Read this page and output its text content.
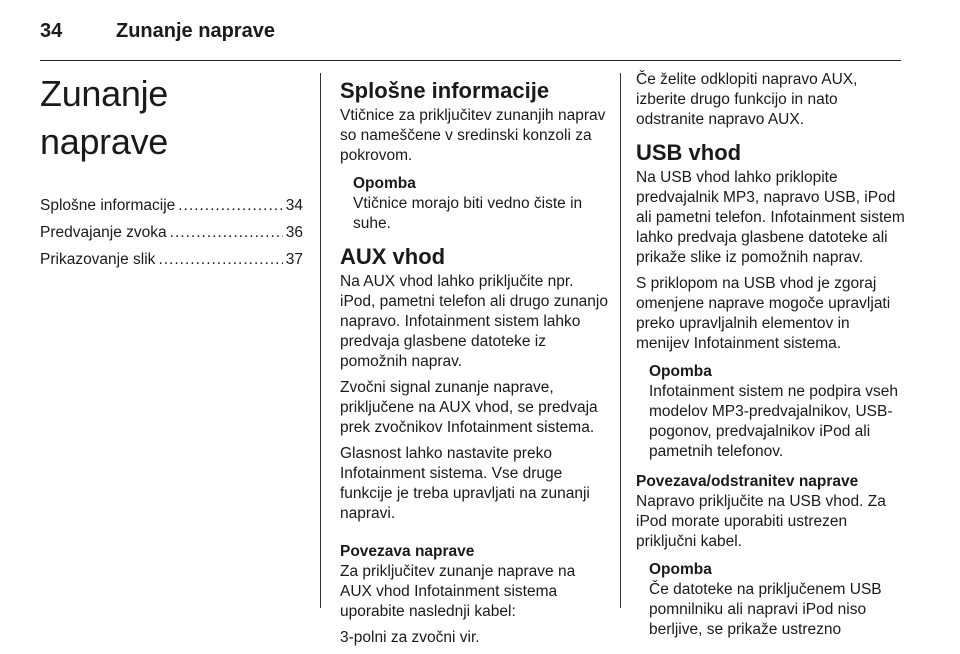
34	Zunanje naprave
Zunanje naprave
Splošne informacije .....	34
Predvajanje zvoka .....	36
Prikazovanje slik .....	37
Splošne informacije

Vtičnice za priključitev zunanjih naprav so nameščene v sredinski konzoli za pokrovom.

Opomba
Vtičnice morajo biti vedno čiste in suhe.
AUX vhod

Na AUX vhod lahko priključite npr. iPod, pametni telefon ali drugo zunanjo napravo. Infotainment sistem lahko predvaja glasbene datoteke iz pomožnih naprav.

Zvočni signal zunanje naprave, priključene na AUX vhod, se predvaja prek zvočnikov Infotainment sistema.

Glasnost lahko nastavite preko Infotainment sistema. Vse druge funkcije je treba upravljati na zunanji napravi.

Povezava naprave

Za priključitev zunanje naprave na AUX vhod Infotainment sistema uporabite naslednji kabel:

3-polni za zvočni vir.

Če želite odklopiti napravo AUX, izberite drugo funkcijo in nato odstranite napravo AUX.

USB vhod

Na USB vhod lahko priklopite predvajalnik MP3, napravo USB, iPod ali pametni telefon. Infotainment sistem lahko predvaja glasbene datoteke ali prikaže slike iz pomožnih naprav.

S priklopom na USB vhod je zgoraj omenjene naprave mogoče upravljati preko upravljalnih elementov in menijev Infotainment sistema.

Opomba
Infotainment sistem ne podpira vseh modelov MP3-predvajalnikov, USB-pogonov, predvajalnikov iPod ali pametnih telefonov.
Povezava/odstranitev naprave

Napravo priključite na USB vhod. Za iPod morate uporabiti ustrezen priključni kabel.

Opomba
Če datoteke na priključenem USB pomnilniku ali napravi iPod niso berljive, se prikaže ustrezno
